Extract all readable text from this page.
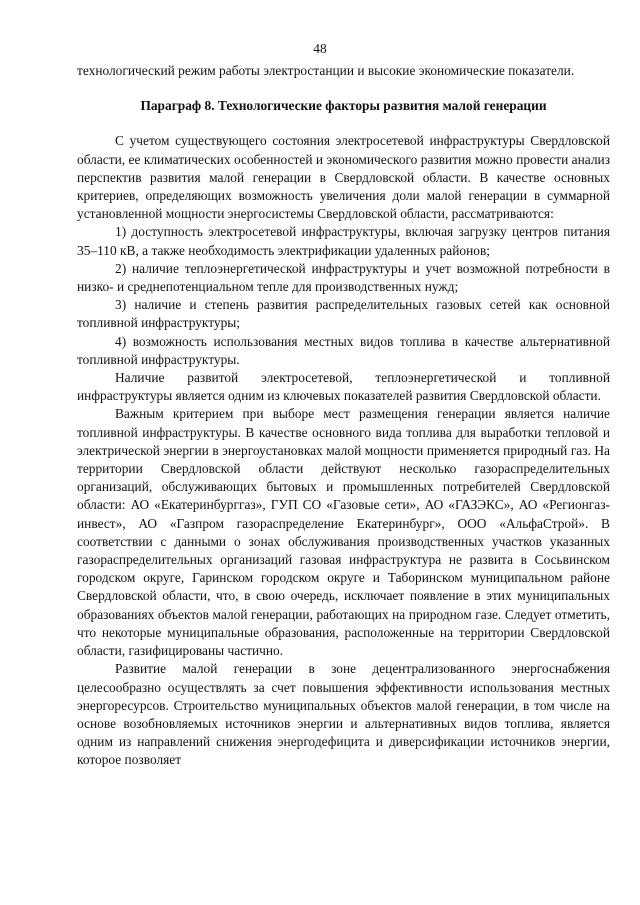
48

технологический режим работы электростанции и высокие экономические показатели.

Параграф 8. Технологические факторы развития малой генерации

С учетом существующего состояния электросетевой инфраструктуры Свердловской области, ее климатических особенностей и экономического развития можно провести анализ перспектив развития малой генерации в Свердловской области. В качестве основных критериев, определяющих возможность увеличения доли малой генерации в суммарной установленной мощности энергосистемы Свердловской области, рассматриваются:

1) доступность электросетевой инфраструктуры, включая загрузку центров питания 35–110 кВ, а также необходимость электрификации удаленных районов;

2) наличие теплоэнергетической инфраструктуры и учет возможной потребности в низко- и среднепотенциальном тепле для производственных нужд;

3) наличие и степень развития распределительных газовых сетей как основной топливной инфраструктуры;

4) возможность использования местных видов топлива в качестве альтернативной топливной инфраструктуры.

Наличие развитой электросетевой, теплоэнергетической и топливной инфраструктуры является одним из ключевых показателей развития Свердловской области.

Важным критерием при выборе мест размещения генерации является наличие топливной инфраструктуры. В качестве основного вида топлива для выработки тепловой и электрической энергии в энергоустановках малой мощности применяется природный газ. На территории Свердловской области действуют несколько газораспределительных организаций, обслуживающих бытовых и промышленных потребителей Свердловской области: АО «Екатеринбурггаз», ГУП СО «Газовые сети», АО «ГАЗЭКС», АО «Регионгаз-инвест», АО «Газпром газораспределение Екатеринбург», ООО «АльфаСтрой». В соответствии с данными о зонах обслуживания производственных участков указанных газораспределительных организаций газовая инфраструктура не развита в Сосьвинском городском округе, Гаринском городском округе и Таборинском муниципальном районе Свердловской области, что, в свою очередь, исключает появление в этих муниципальных образованиях объектов малой генерации, работающих на природном газе. Следует отметить, что некоторые муниципальные образования, расположенные на территории Свердловской области, газифицированы частично.

Развитие малой генерации в зоне децентрализованного энергоснабжения целесообразно осуществлять за счет повышения эффективности использования местных энергоресурсов. Строительство муниципальных объектов малой генерации, в том числе на основе возобновляемых источников энергии и альтернативных видов топлива, является одним из направлений снижения энергодефицита и диверсификации источников энергии, которое позволяет
